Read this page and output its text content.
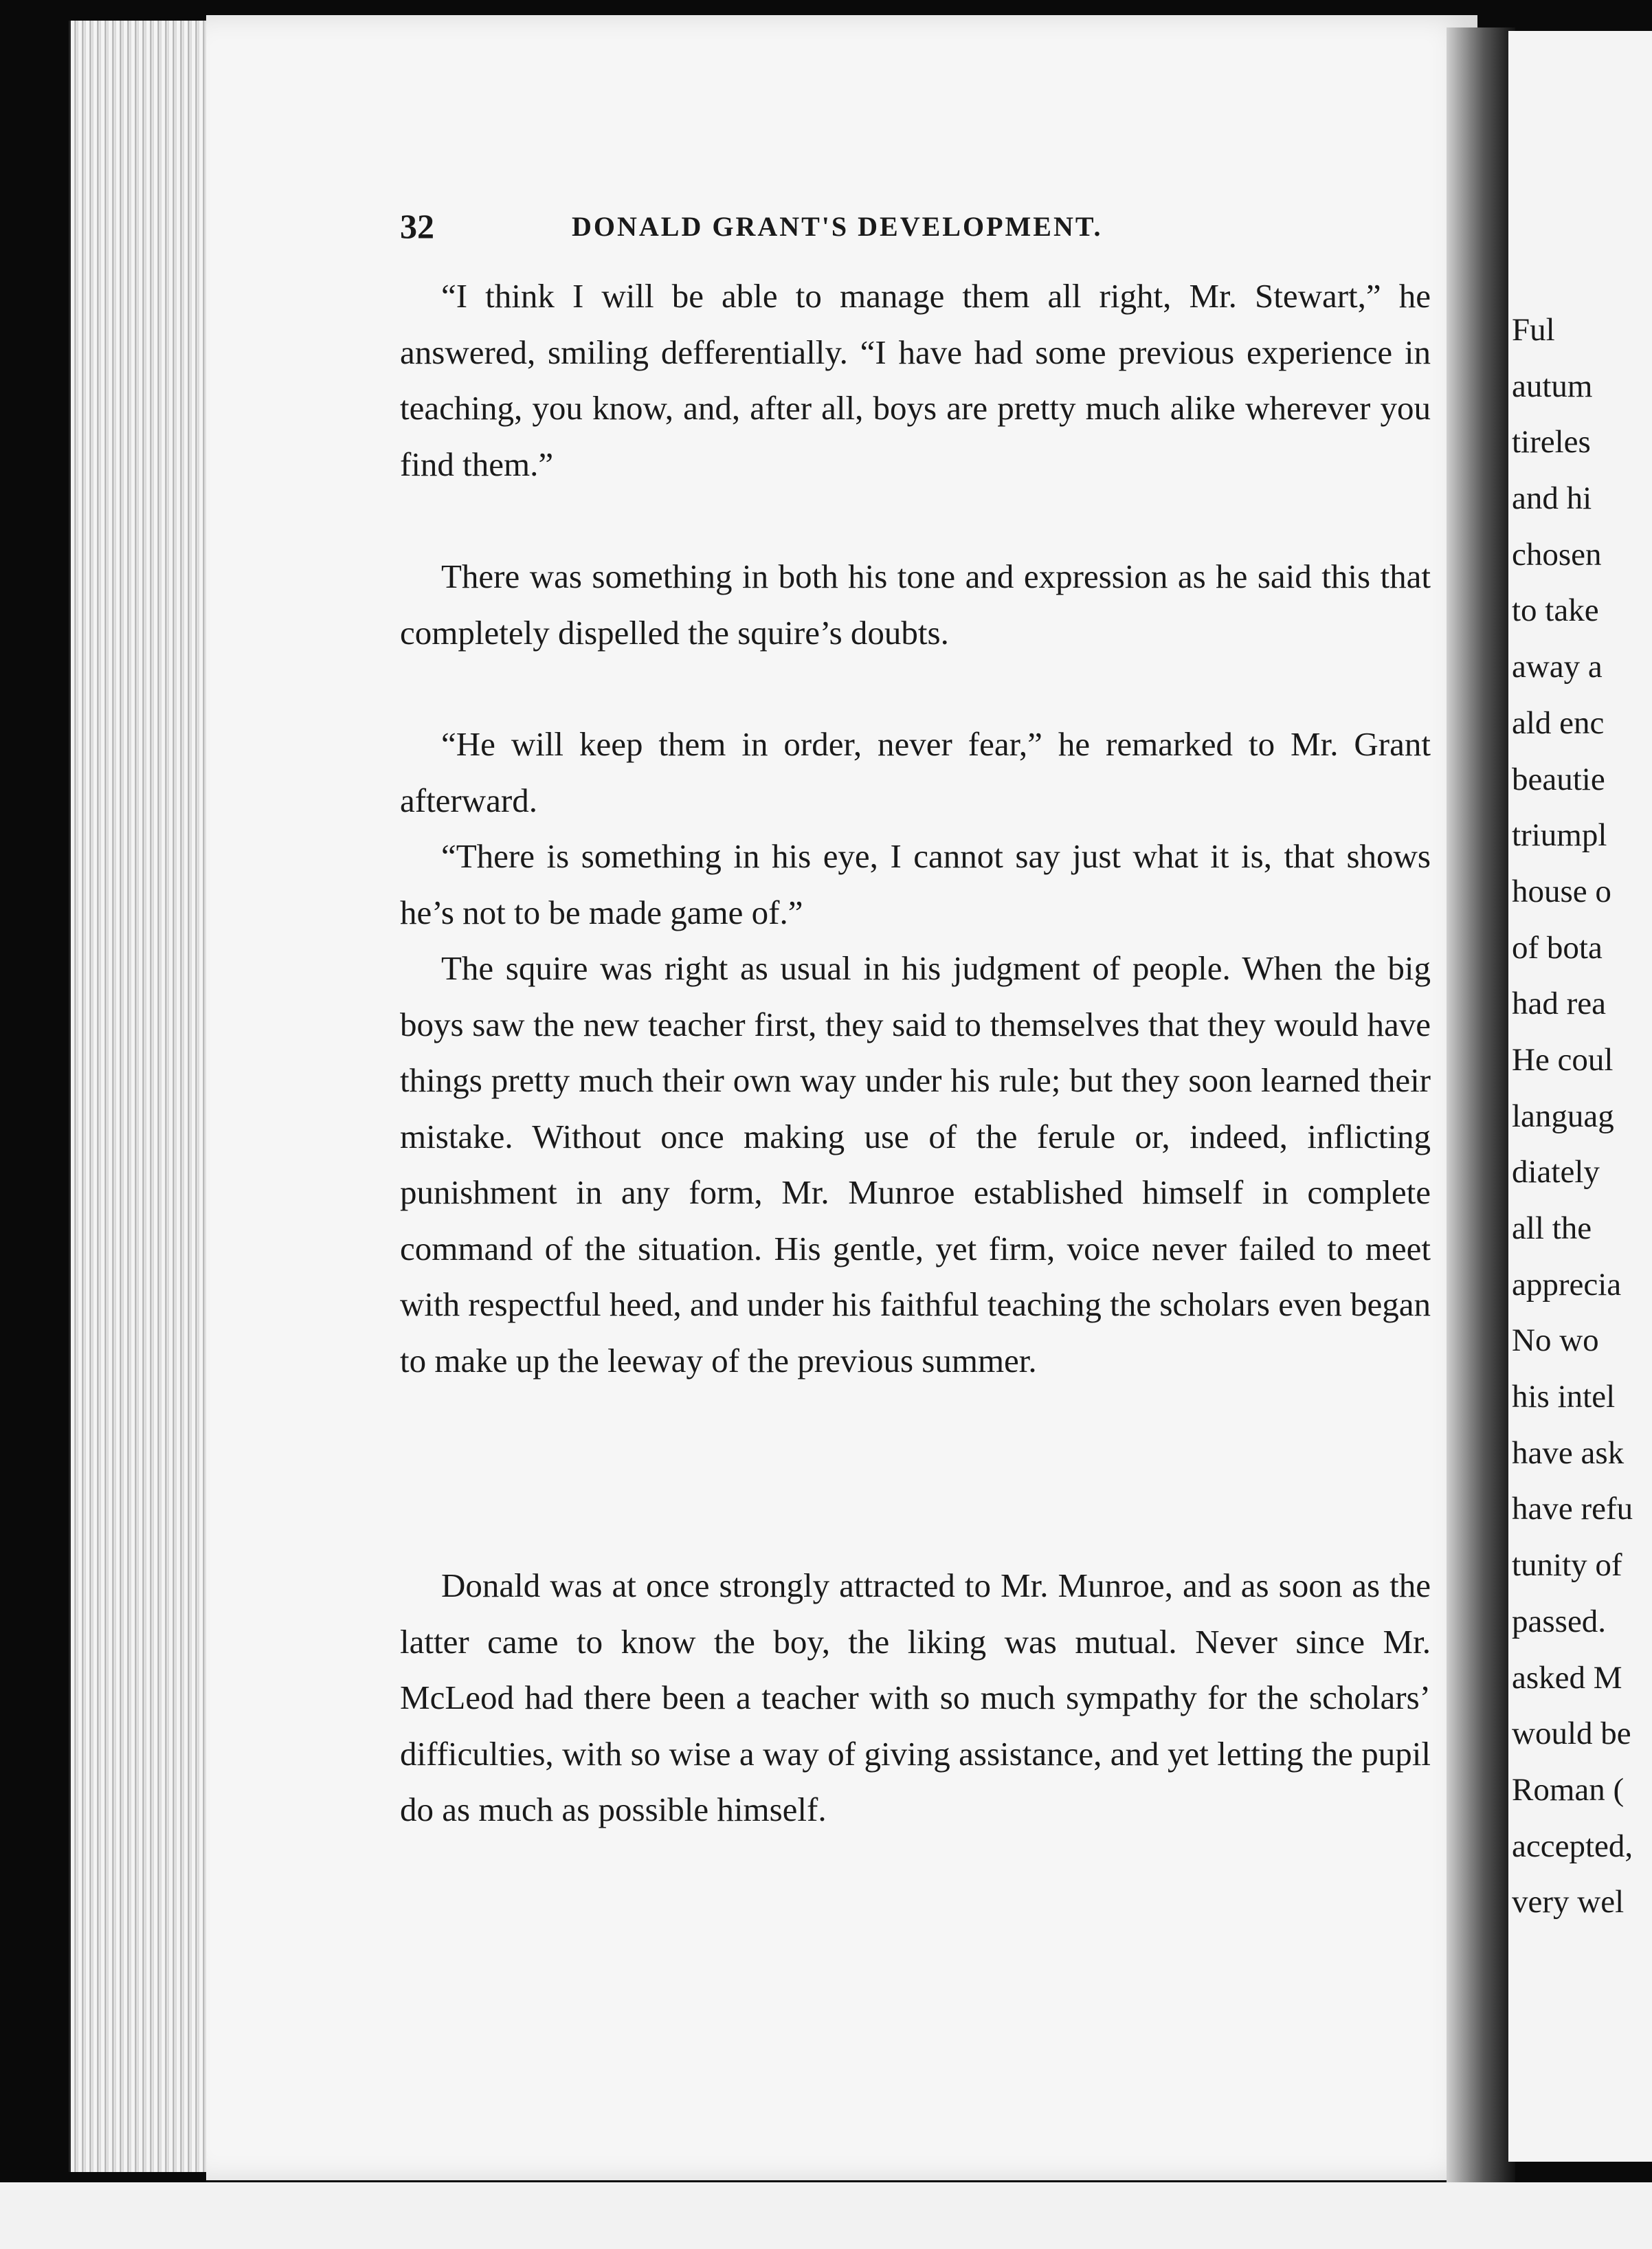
32	DONALD GRANT'S DEVELOPMENT.

“I think I will be able to manage them all right, Mr. Stewart,” he answered, smiling defferentially. “I have had some previous experience in teaching, you know, and, after all, boys are pretty much alike wherever you find them.”

There was something in both his tone and expression as he said this that completely dispelled the squire’s doubts.

“He will keep them in order, never fear,” he remarked to Mr. Grant afterward.

“There is something in his eye, I cannot say just what it is, that shows he’s not to be made game of.”

The squire was right as usual in his judgment of people. When the big boys saw the new teacher first, they said to themselves that they would have things pretty much their own way under his rule; but they soon learned their mistake. Without once making use of the ferule or, indeed, inflicting punishment in any form, Mr. Munroe established himself in complete command of the situation. His gentle, yet firm, voice never failed to meet with respectful heed, and under his faithful teaching the scholars even began to make up the leeway of the previous summer.

Donald was at once strongly attracted to Mr. Munroe, and as soon as the latter came to know the boy, the liking was mutual. Never since Mr. McLeod had there been a teacher with so much sympathy for the scholars’ difficulties, with so wise a way of giving assistance, and yet letting the pupil do as much as possible himself.

Ful
autum
tireles
and hi
chosen
to take
away a
ald enc
beautie
triumpl
house o
of bota
had rea
He coul
languag
diately
all the
apprecia
No wo
his intel
have ask
have refu
tunity of
passed.
asked M
would be
Roman (
accepted,
very wel
